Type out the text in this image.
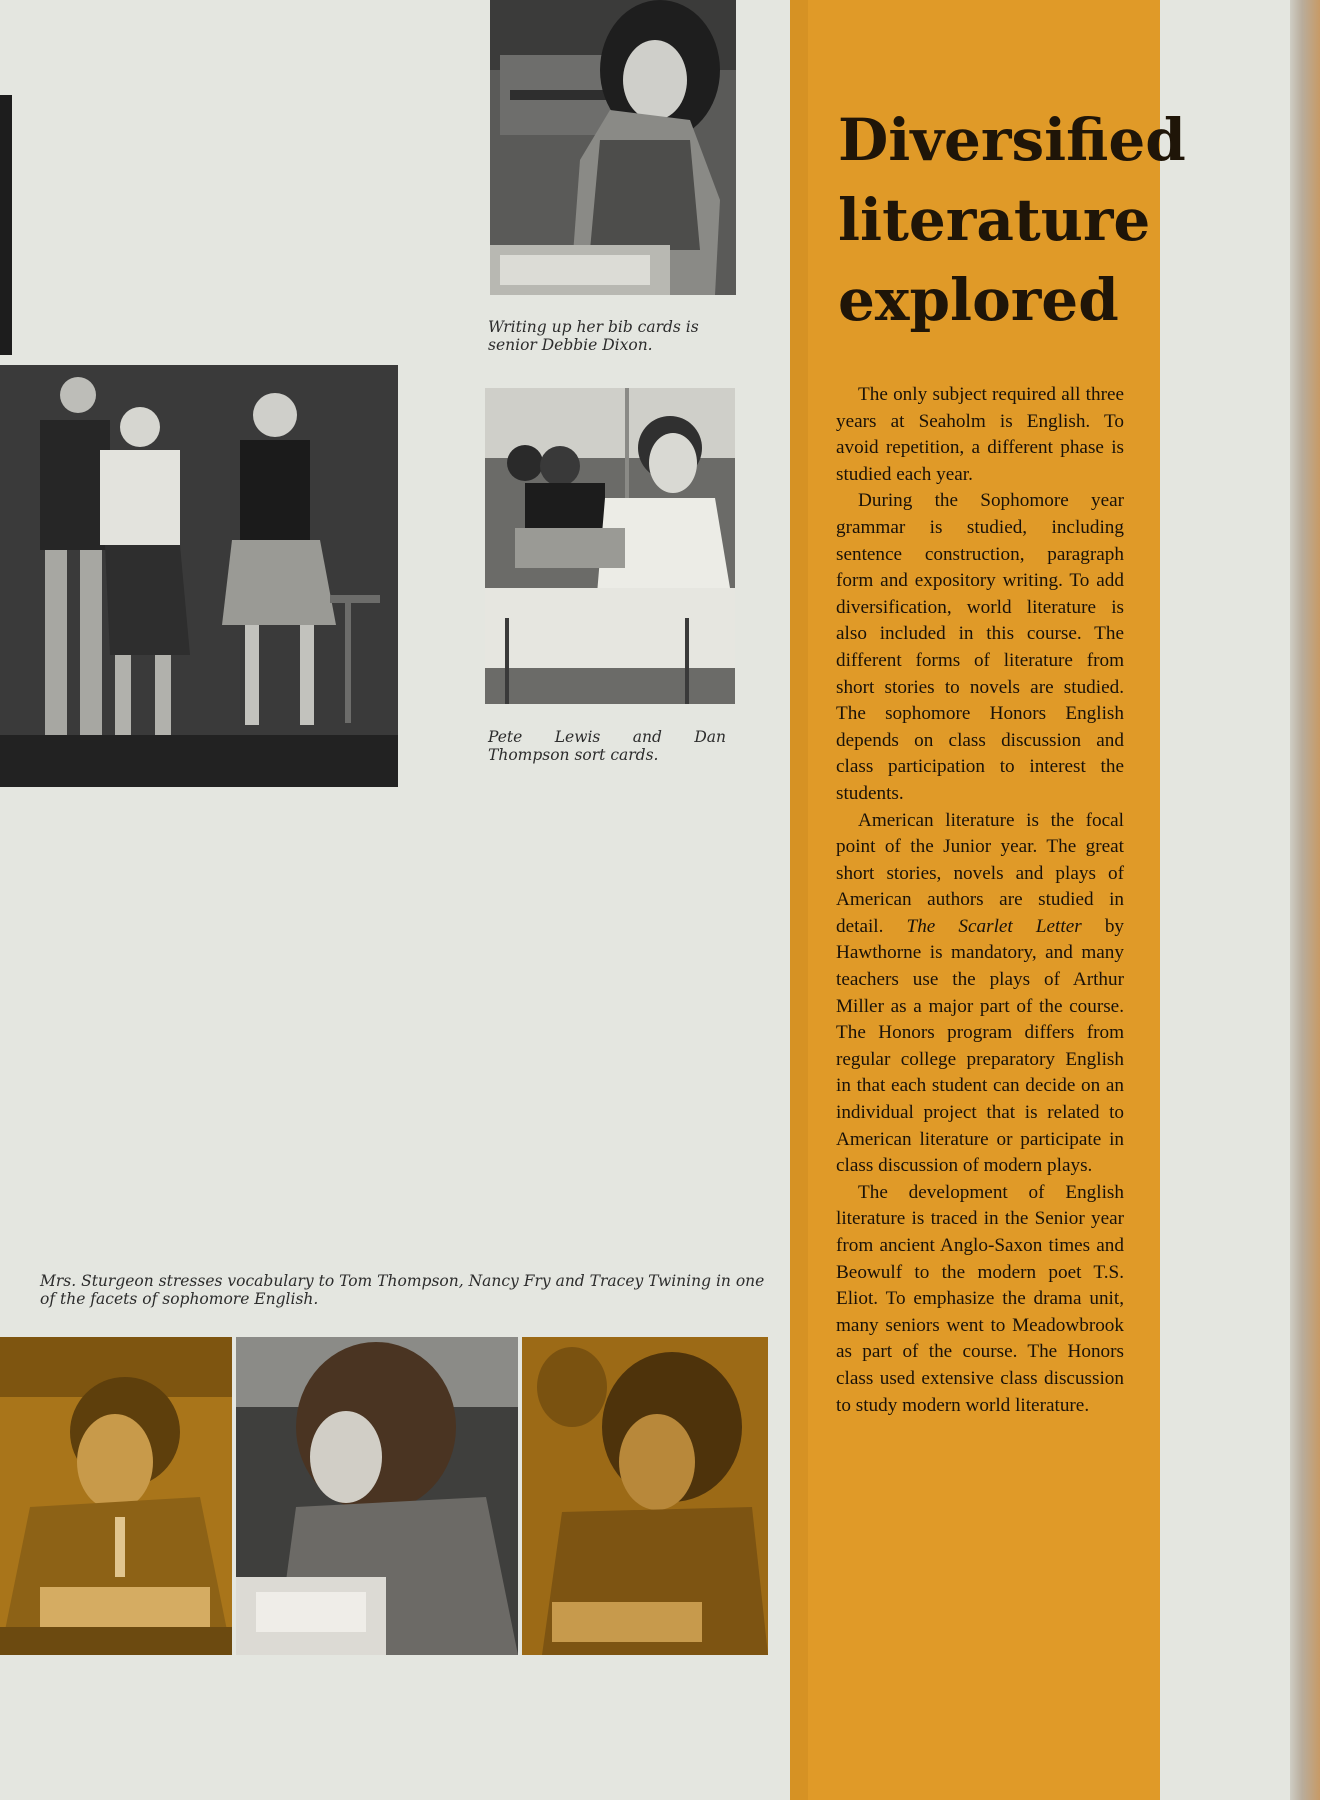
Writing up her bib cards is senior Debbie Dixon.
Pete Lewis and Dan Thompson sort cards.
Mrs. Sturgeon stresses vocabulary to Tom Thompson, Nancy Fry and Tracey Twining in one of the facets of sophomore English.
Diversified
literature
explored

The only subject required all three years at Seaholm is English. To avoid repetition, a different phase is studied each year.

During the Sophomore year grammar is studied, including sentence construction, paragraph form and expository writing. To add diversification, world literature is also included in this course. The different forms of literature from short stories to novels are studied. The sophomore Honors English depends on class discussion and class participation to interest the students.

American literature is the focal point of the Junior year. The great short stories, novels and plays of American authors are studied in detail. The Scarlet Letter by Hawthorne is mandatory, and many teachers use the plays of Arthur Miller as a major part of the course. The Honors program differs from regular college preparatory English in that each student can decide on an individual project that is related to American literature or participate in class discussion of modern plays.

The development of English literature is traced in the Senior year from ancient Anglo-Saxon times and Beowulf to the modern poet T.S. Eliot. To emphasize the drama unit, many seniors went to Meadowbrook as part of the course. The Honors class used extensive class discussion to study modern world literature.
